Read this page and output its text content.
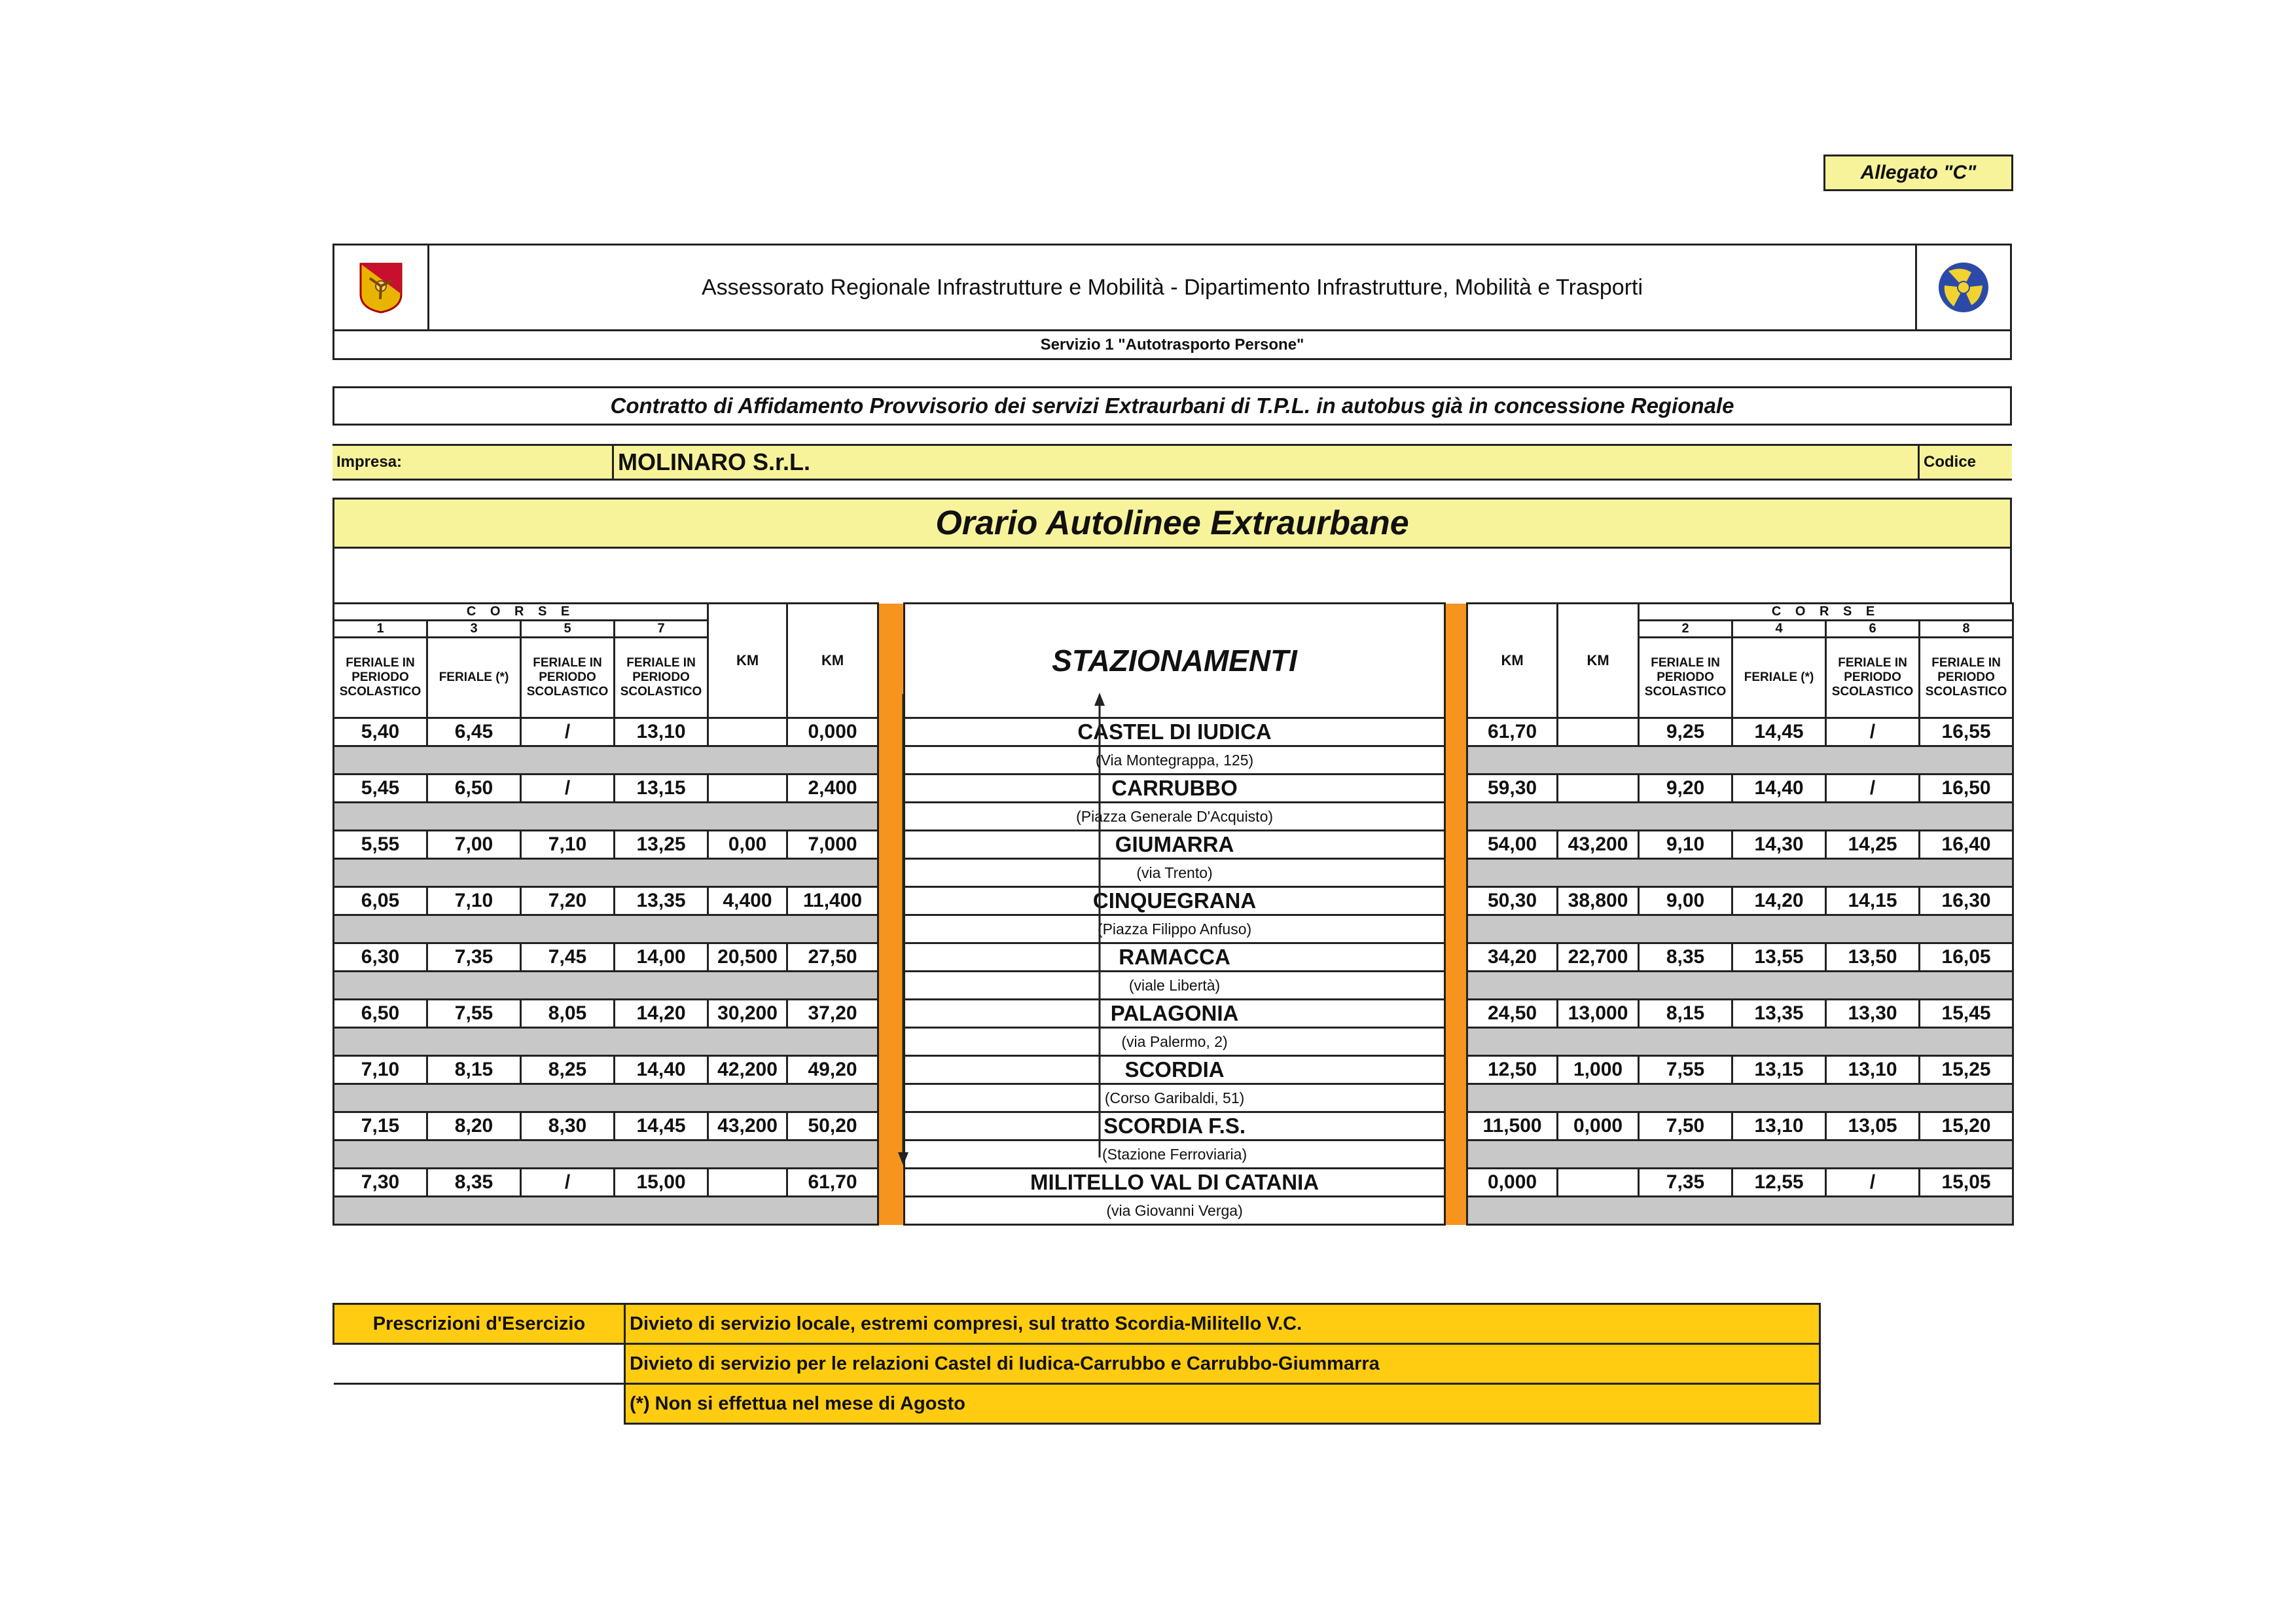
Allegato "C"
Assessorato Regionale Infrastrutture e Mobilità - Dipartimento Infrastrutture, Mobilità e Trasporti
Servizio 1 "Autotrasporto Persone"
Contratto di Affidamento Provvisorio dei servizi Extraurbani di T.P.L. in autobus già in concessione Regionale
Impresa:	MOLINARO S.r.L.	Codice
Orario Autolinee Extraurbane
C O R S E				KM	KM		STAZIONAMENTI		KM	KM	C O R S E			
1	3	5	7								2	4	6	8
FERIALE IN PERIODO SCOLASTICO	FERIALE (*)	FERIALE IN PERIODO SCOLASTICO	FERIALE IN PERIODO SCOLASTICO								FERIALE IN PERIODO SCOLASTICO	FERIALE (*)	FERIALE IN PERIODO SCOLASTICO	FERIALE IN PERIODO SCOLASTICO
5,40	6,45	/	13,10		0,000		CASTEL DI IUDICA		61,70		9,25	14,45	/	16,55
							(Via Montegrappa, 125)							
5,45	6,50	/	13,15		2,400		CARRUBBO		59,30		9,20	14,40	/	16,50
							(Piazza Generale D'Acquisto)							
5,55	7,00	7,10	13,25	0,00	7,000		GIUMARRA		54,00	43,200	9,10	14,30	14,25	16,40
							(via Trento)							
6,05	7,10	7,20	13,35	4,400	11,400		CINQUEGRANA		50,30	38,800	9,00	14,20	14,15	16,30
							(Piazza Filippo Anfuso)							
6,30	7,35	7,45	14,00	20,500	27,50		RAMACCA		34,20	22,700	8,35	13,55	13,50	16,05
							(viale Libertà)							
6,50	7,55	8,05	14,20	30,200	37,20		PALAGONIA		24,50	13,000	8,15	13,35	13,30	15,45
							(via Palermo, 2)							
7,10	8,15	8,25	14,40	42,200	49,20		SCORDIA		12,50	1,000	7,55	13,15	13,10	15,25
							(Corso Garibaldi, 51)							
7,15	8,20	8,30	14,45	43,200	50,20		SCORDIA F.S.		11,500	0,000	7,50	13,10	13,05	15,20
							(Stazione Ferroviaria)							
7,30	8,35	/	15,00		61,70		MILITELLO VAL DI CATANIA		0,000		7,35	12,55	/	15,05
							(via Giovanni Verga)							
Prescrizioni d'Esercizio	Divieto di servizio locale, estremi compresi, sul tratto Scordia-Militello V.C.
	Divieto di servizio per le relazioni Castel di Iudica-Carrubbo e Carrubbo-Giummarra
	(*) Non si effettua nel mese di Agosto
